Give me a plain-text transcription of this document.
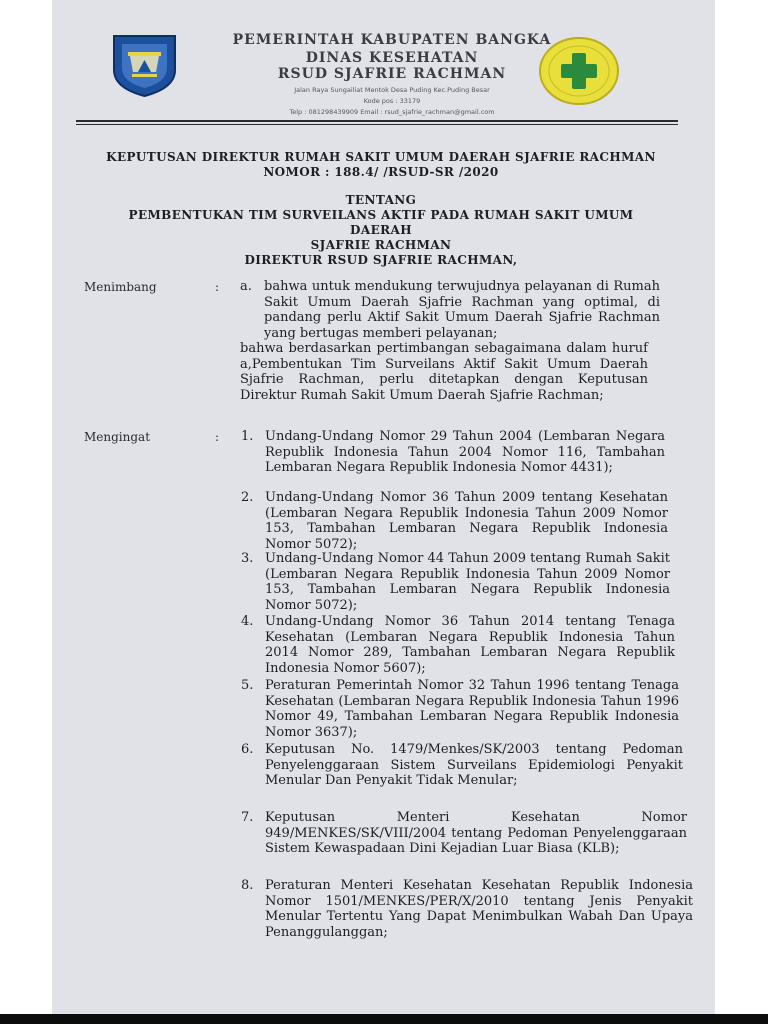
PEMERINTAH KABUPATEN BANGKA
DINAS KESEHATAN
RSUD SJAFRIE RACHMAN
Jalan Raya Sungailiat Mentok Desa Puding Kec.Puding Besar
Kode pos : 33179
Telp : 081298439909 Email : rsud_sjafrie_rachman@gmail.com
KEPUTUSAN DIREKTUR RUMAH SAKIT UMUM DAERAH SJAFRIE RACHMAN
NOMOR : 188.4/ /RSUD-SR /2020
TENTANG
PEMBENTUKAN TIM SURVEILANS AKTIF PADA RUMAH SAKIT UMUM
DAERAH
SJAFRIE RACHMAN
DIREKTUR RSUD SJAFRIE RACHMAN,
Menimbang	: a. bahwa untuk mendukung terwujudnya pelayanan di Rumah Sakit Umum Daerah Sjafrie Rachman yang optimal, di pandang perlu Aktif Sakit Umum Daerah Sjafrie Rachman yang bertugas memberi pelayanan;
bahwa berdasarkan pertimbangan sebagaimana dalam huruf a,Pembentukan Tim Surveilans Aktif Sakit Umum Daerah Sjafrie Rachman, perlu ditetapkan dengan Keputusan Direktur Rumah Sakit Umum Daerah Sjafrie Rachman;
Mengingat	: 1. Undang-Undang Nomor 29 Tahun 2004 (Lembaran Negara Republik Indonesia Tahun 2004 Nomor 116, Tambahan Lembaran Negara Republik Indonesia Nomor 4431);
2. Undang-Undang Nomor 36 Tahun 2009 tentang Kesehatan (Lembaran Negara Republik Indonesia Tahun 2009 Nomor 153, Tambahan Lembaran Negara Republik Indonesia Nomor 5072);
3. Undang-Undang Nomor 44 Tahun 2009 tentang Rumah Sakit (Lembaran Negara Republik Indonesia Tahun 2009 Nomor 153, Tambahan Lembaran Negara Republik Indonesia Nomor 5072);
4. Undang-Undang Nomor 36 Tahun 2014 tentang Tenaga Kesehatan (Lembaran Negara Republik Indonesia Tahun 2014 Nomor 289, Tambahan Lembaran Negara Republik Indonesia Nomor 5607);
5. Peraturan Pemerintah Nomor 32 Tahun 1996 tentang Tenaga Kesehatan (Lembaran Negara Republik Indonesia Tahun 1996 Nomor 49, Tambahan Lembaran Negara Republik Indonesia Nomor 3637);
6. Keputusan No. 1479/Menkes/SK/2003 tentang Pedoman Penyelenggaraan Sistem Surveilans Epidemiologi Penyakit Menular Dan Penyakit Tidak Menular;
7. Keputusan Menteri Kesehatan Nomor 949/MENKES/SK/VIII/2004 tentang Pedoman Penyelenggaraan Sistem Kewaspadaan Dini Kejadian Luar Biasa (KLB);
8. Peraturan Menteri Kesehatan Kesehatan Republik Indonesia Nomor 1501/MENKES/PER/X/2010 tentang Jenis Penyakit Menular Tertentu Yang Dapat Menimbulkan Wabah Dan Upaya Penanggulanggan;
